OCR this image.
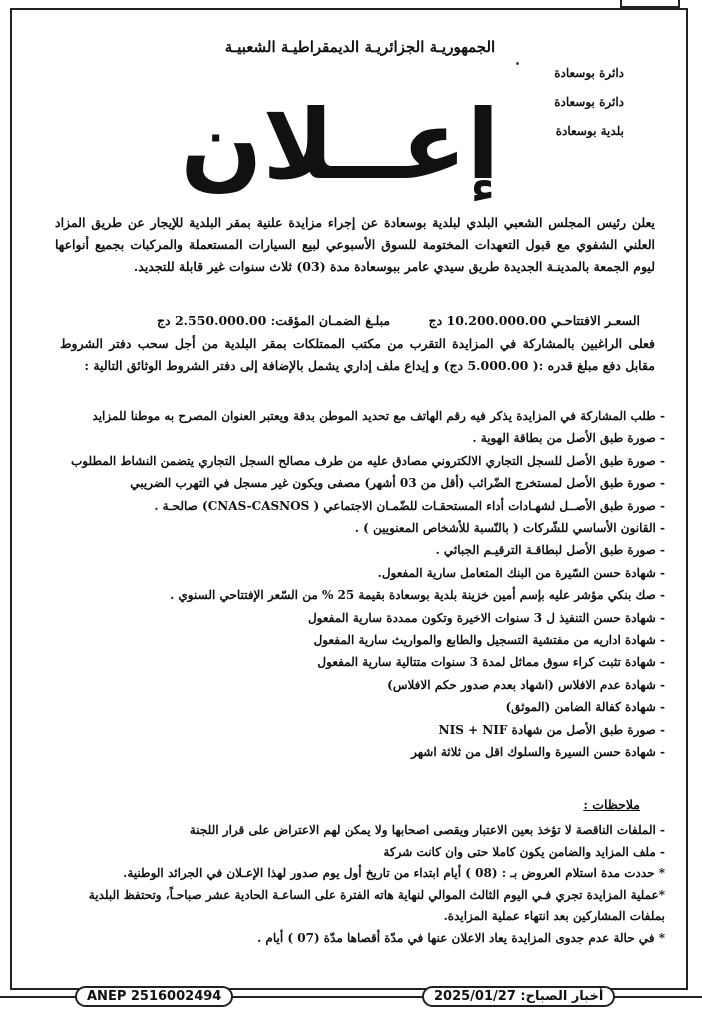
الجمهوريـة الجزائريـة الديمقراطيـة الشعبيـة
دائرة بوسعادة
دائرة بوسعادة
بلدية بوسعادة
إعــلان
يعلن رئيس المجلس الشعبي البلدي لبلدية بوسعادة عن إجراء مزايدة علنية بمقر البلدية للإيجار عن طريق المزاد العلني الشفوي مع قبول التعهدات المختومة للسوق الأسبوعي لبيع السيارات المستعملة والمركبات بجميع أنواعها ليوم الجمعة بالمدينـة الجديدة طريق سيدي عامر ببوسعادة مدة (03) ثلاث سنوات غير قابلة للتجديد.
السعـر الافتتاحـي 10.200.000.00 دج مبلـغ الضمـان المؤقت: 2.550.000.00 دج
فعلى الراغبين بالمشاركة في المزايدة التقرب من مكتب الممتلكات بمقر البلدية من أجل سحب دفتر الشروط مقابل دفع مبلغ قدره :( 5.000.00 دج) و إيداع ملف إداري يشمل بالإضافة إلى دفتر الشروط الوثائق التالية :
- طلب المشاركة في المزايدة يذكر فيه رقم الهاتف مع تحديد الموطن بدقة ويعتبر العنوان المصرح به موطنا للمزايد
- صورة طبق الأصل من بطاقة الهوية .
- صورة طبق الأصل للسجل التجاري الالكتروني مصادق عليه من طرف مصالح السجل التجاري يتضمن النشاط المطلوب
- صورة طبق الأصل لمستخرج الضّرائب (أقل من 03 أشهر) مصفى ويكون غير مسجل في التهرب الضريبي
- صورة طبق الأصــل لشهـادات أداء المستحقـات للضّمـان الاجتماعي ( CNAS-CASNOS) صالحـة .
- القانون الأساسي للشّركات ( بالنّسبة للأشخاص المعنويين ) .
- صورة طبق الأصل لبطاقـة الترقيـم الجبائي .
- شهادة حسن السّيرة من البنك المتعامل سارية المفعول.
- صك بنكي مؤشر عليه بإسم أمين خزينة بلدية بوسعادة بقيمة 25 % من السّعر الإفتتاحي السنوي .
- شهادة حسن التنفيذ ل 3 سنوات الاخيرة وتكون ممددة سارية المفعول
- شهادة اداريه من مفتشية التسجيل والطابع والمواريث سارية المفعول
- شهادة تثبت كراء سوق مماثل لمدة 3 سنوات متتالية سارية المفعول
- شهادة عدم الافلاس (اشهاد بعدم صدور حكم الافلاس)
- شهادة كفالة الضامن (الموثق)
- صورة طبق الأصل من شهادة NIS + NIF
- شهادة حسن السيرة والسلوك اقل من ثلاثة اشهر
ملاحظات :
- الملفات الناقصة لا تؤخذ بعين الاعتبار ويقصى اصحابها ولا يمكن لهم الاعتراض على قرار اللجنة
- ملف المزايد والضامن يكون كاملا حتى وان كانت شركة
* حددت مدة استلام العروض بـ : (08 ) أيام ابتداء من تاريخ أول يوم صدور لهذا الإعـلان في الجرائد الوطنية.
*عملية المزايدة تجري فـي اليوم الثالث الموالي لنهاية هاته الفترة على الساعـة الحادية عشر صباحـاً، وتحتفظ البلدية بملفات المشاركين بعد انتهاء عملية المزايدة.
* في حالة عدم جدوى المزايدة يعاد الاعلان عنها في مدّة أقصاها مدّة (07 ) أيام .
أخبار الصباح: 2025/01/27
ANEP 2516002494
